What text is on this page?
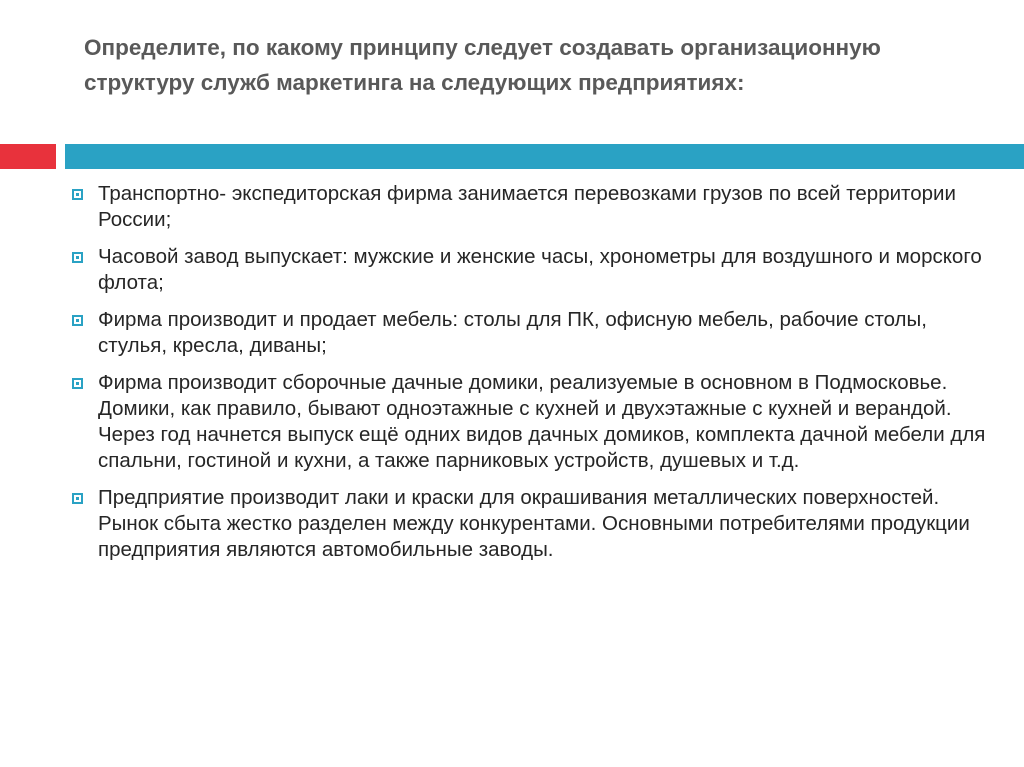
Определите, по какому принципу следует создавать организационную структуру служб маркетинга на следующих предприятиях:
Транспортно- экспедиторская фирма занимается перевозками грузов по всей территории России;
Часовой завод выпускает: мужские и женские часы, хронометры для воздушного и морского флота;
Фирма производит и продает мебель: столы для ПК, офисную мебель, рабочие столы, стулья, кресла, диваны;
Фирма производит сборочные дачные домики, реализуемые в основном в Подмосковье. Домики, как правило, бывают одноэтажные с кухней и двухэтажные с кухней и верандой. Через год начнется выпуск ещё одних видов дачных домиков, комплекта дачной мебели для спальни, гостиной и кухни, а также парниковых устройств, душевых и т.д.
Предприятие производит лаки и краски для окрашивания металлических поверхностей. Рынок сбыта жестко разделен между конкурентами. Основными потребителями продукции предприятия являются автомобильные заводы.
